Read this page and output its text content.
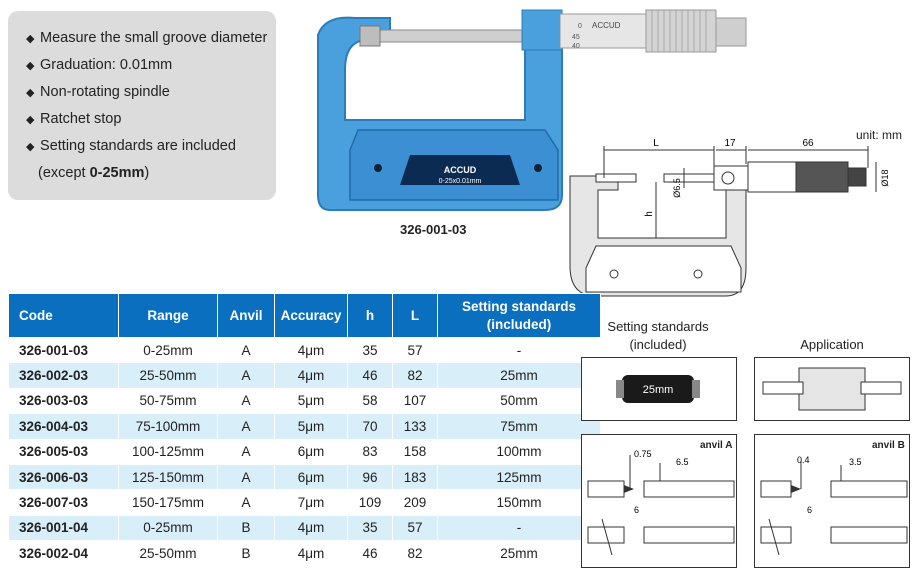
◆ Measure the small groove diameter
◆ Graduation: 0.01mm
◆ Non-rotating spindle
◆ Ratchet stop
◆ Setting standards are included
(except 0-25mm)	ACCUD
0-25x0.01mm
ACCUD
0
45
40
326-001-03
unit: mm
L	17	66
h
Ø6.5
Ø18
Code	Range	Anvil	Accuracy	h	L	Setting standards (included)
326-001-03	0-25mm	A	4μm	35	57	-
326-002-03	25-50mm	A	4μm	46	82	25mm
326-003-03	50-75mm	A	5μm	58	107	50mm
326-004-03	75-100mm	A	5μm	70	133	75mm
326-005-03	100-125mm	A	6μm	83	158	100mm
326-006-03	125-150mm	A	6μm	96	183	125mm
326-007-03	150-175mm	A	7μm	109	209	150mm
326-001-04	0-25mm	B	4μm	35	57	-
326-002-04	25-50mm	B	4μm	46	82	25mm
Setting standards (included)
25mm
Application
0.75
6.5
6
anvil A
0.4	3.5
6
anvil B
